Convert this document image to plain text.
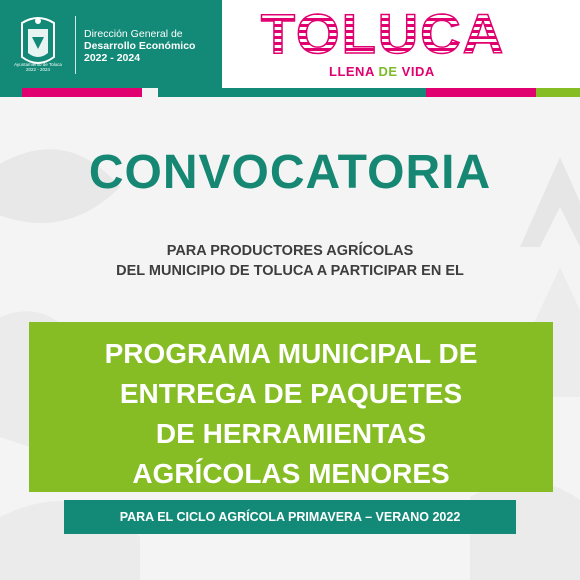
Ayuntamiento de Toluca
2022 - 2024
Dirección General de
Desarrollo Económico
2022 - 2024	TOLUCA
LLENA DE VIDA
CONVOCATORIA
PARA PRODUCTORES AGRÍCOLAS
DEL MUNICIPIO DE TOLUCA A PARTICIPAR EN EL
PROGRAMA MUNICIPAL DE
ENTREGA DE PAQUETES
DE HERRAMIENTAS
AGRÍCOLAS MENORES
PARA EL CICLO AGRÍCOLA PRIMAVERA – VERANO 2022
